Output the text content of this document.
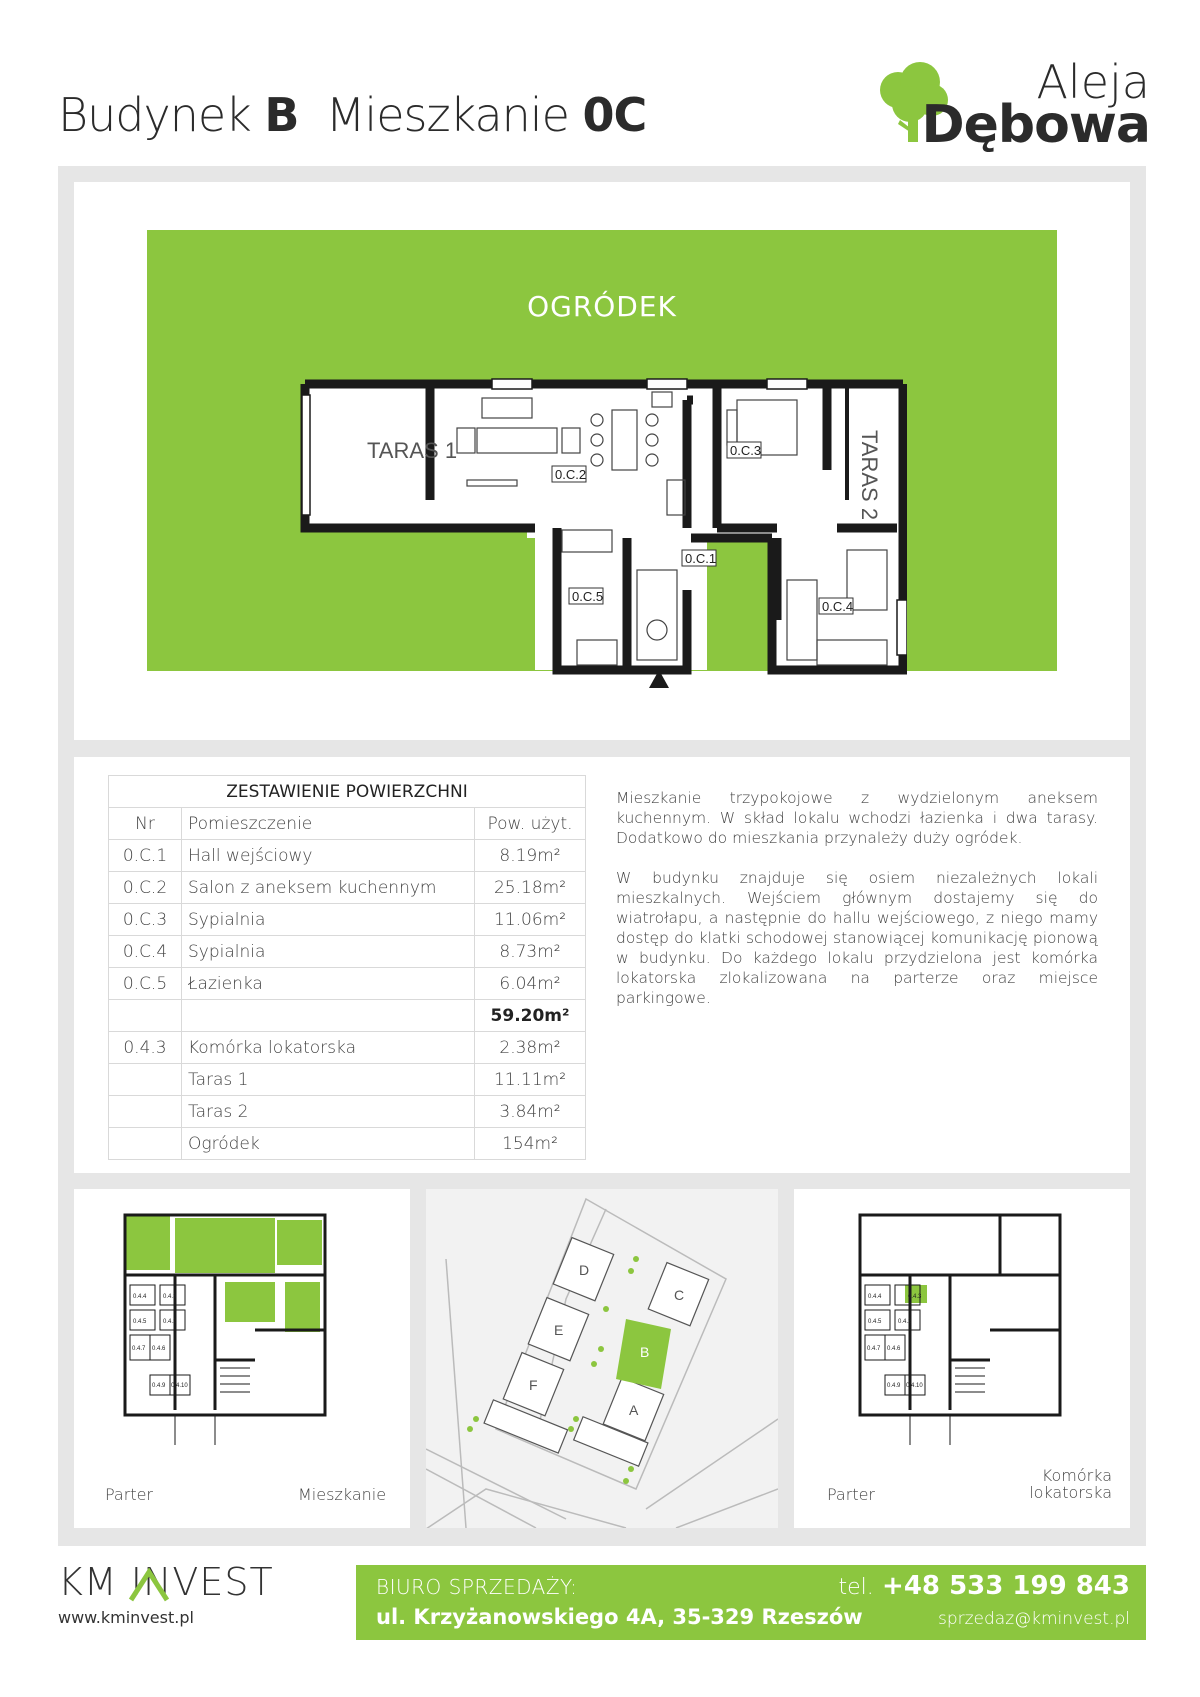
Budynek B Mieszkanie 0C
Aleja
Dębowa
OGRÓDEK
TARAS 1	TARAS 2
0.C.2
0.C.3
0.C.1
0.C.4
0.C.5
ZESTAWIENIE POWIERZCHNI		
Nr	Pomieszczenie	Pow. użyt.
0.C.1	Hall wejściowy	8.19m²
0.C.2	Salon z aneksem kuchennym	25.18m²
0.C.3	Sypialnia	11.06m²
0.C.4	Sypialnia	8.73m²
0.C.5	Łazienka	6.04m²
		59.20m²
0.4.3	Komórka lokatorska	2.38m²
	Taras 1	11.11m²
	Taras 2	3.84m²
	Ogródek	154m²

Mieszkanie trzypokojowe z wydzielonym aneksem kuchennym. W skład lokalu wchodzi łazienka i dwa tarasy. Dodatkowo do mieszkania przynależy duży ogródek.

W budynku znajduje się osiem niezależnych lokali mieszkalnych. Wejściem głównym dostajemy się do wiatrołapu, a następnie do hallu wejściowego, z niego mamy dostęp do klatki schodowej stanowiącej komunikację pionową w budynku. Do każdego lokalu przydzielona jest komórka lokatorska zlokalizowana na parterze oraz miejsce parkingowe.

0.4.4	0.4.3
0.4.5	0.4.2
0.4.7 0.4.6
0.4.9 0.4.10
Parter	Mieszkanie
D
C
E
B
F
A
0.4.4	0.4.3
0.4.5	0.4.2
0.4.7 0.4.6
0.4.9 0.4.10
Parter
Komórka
lokatorska
KM INVEST
www.kminvest.pl
BIURO SPRZEDAŻY:
ul. Krzyżanowskiego 4A, 35-329 Rzeszów
tel. +48 533 199 843
sprzedaz@kminvest.pl
